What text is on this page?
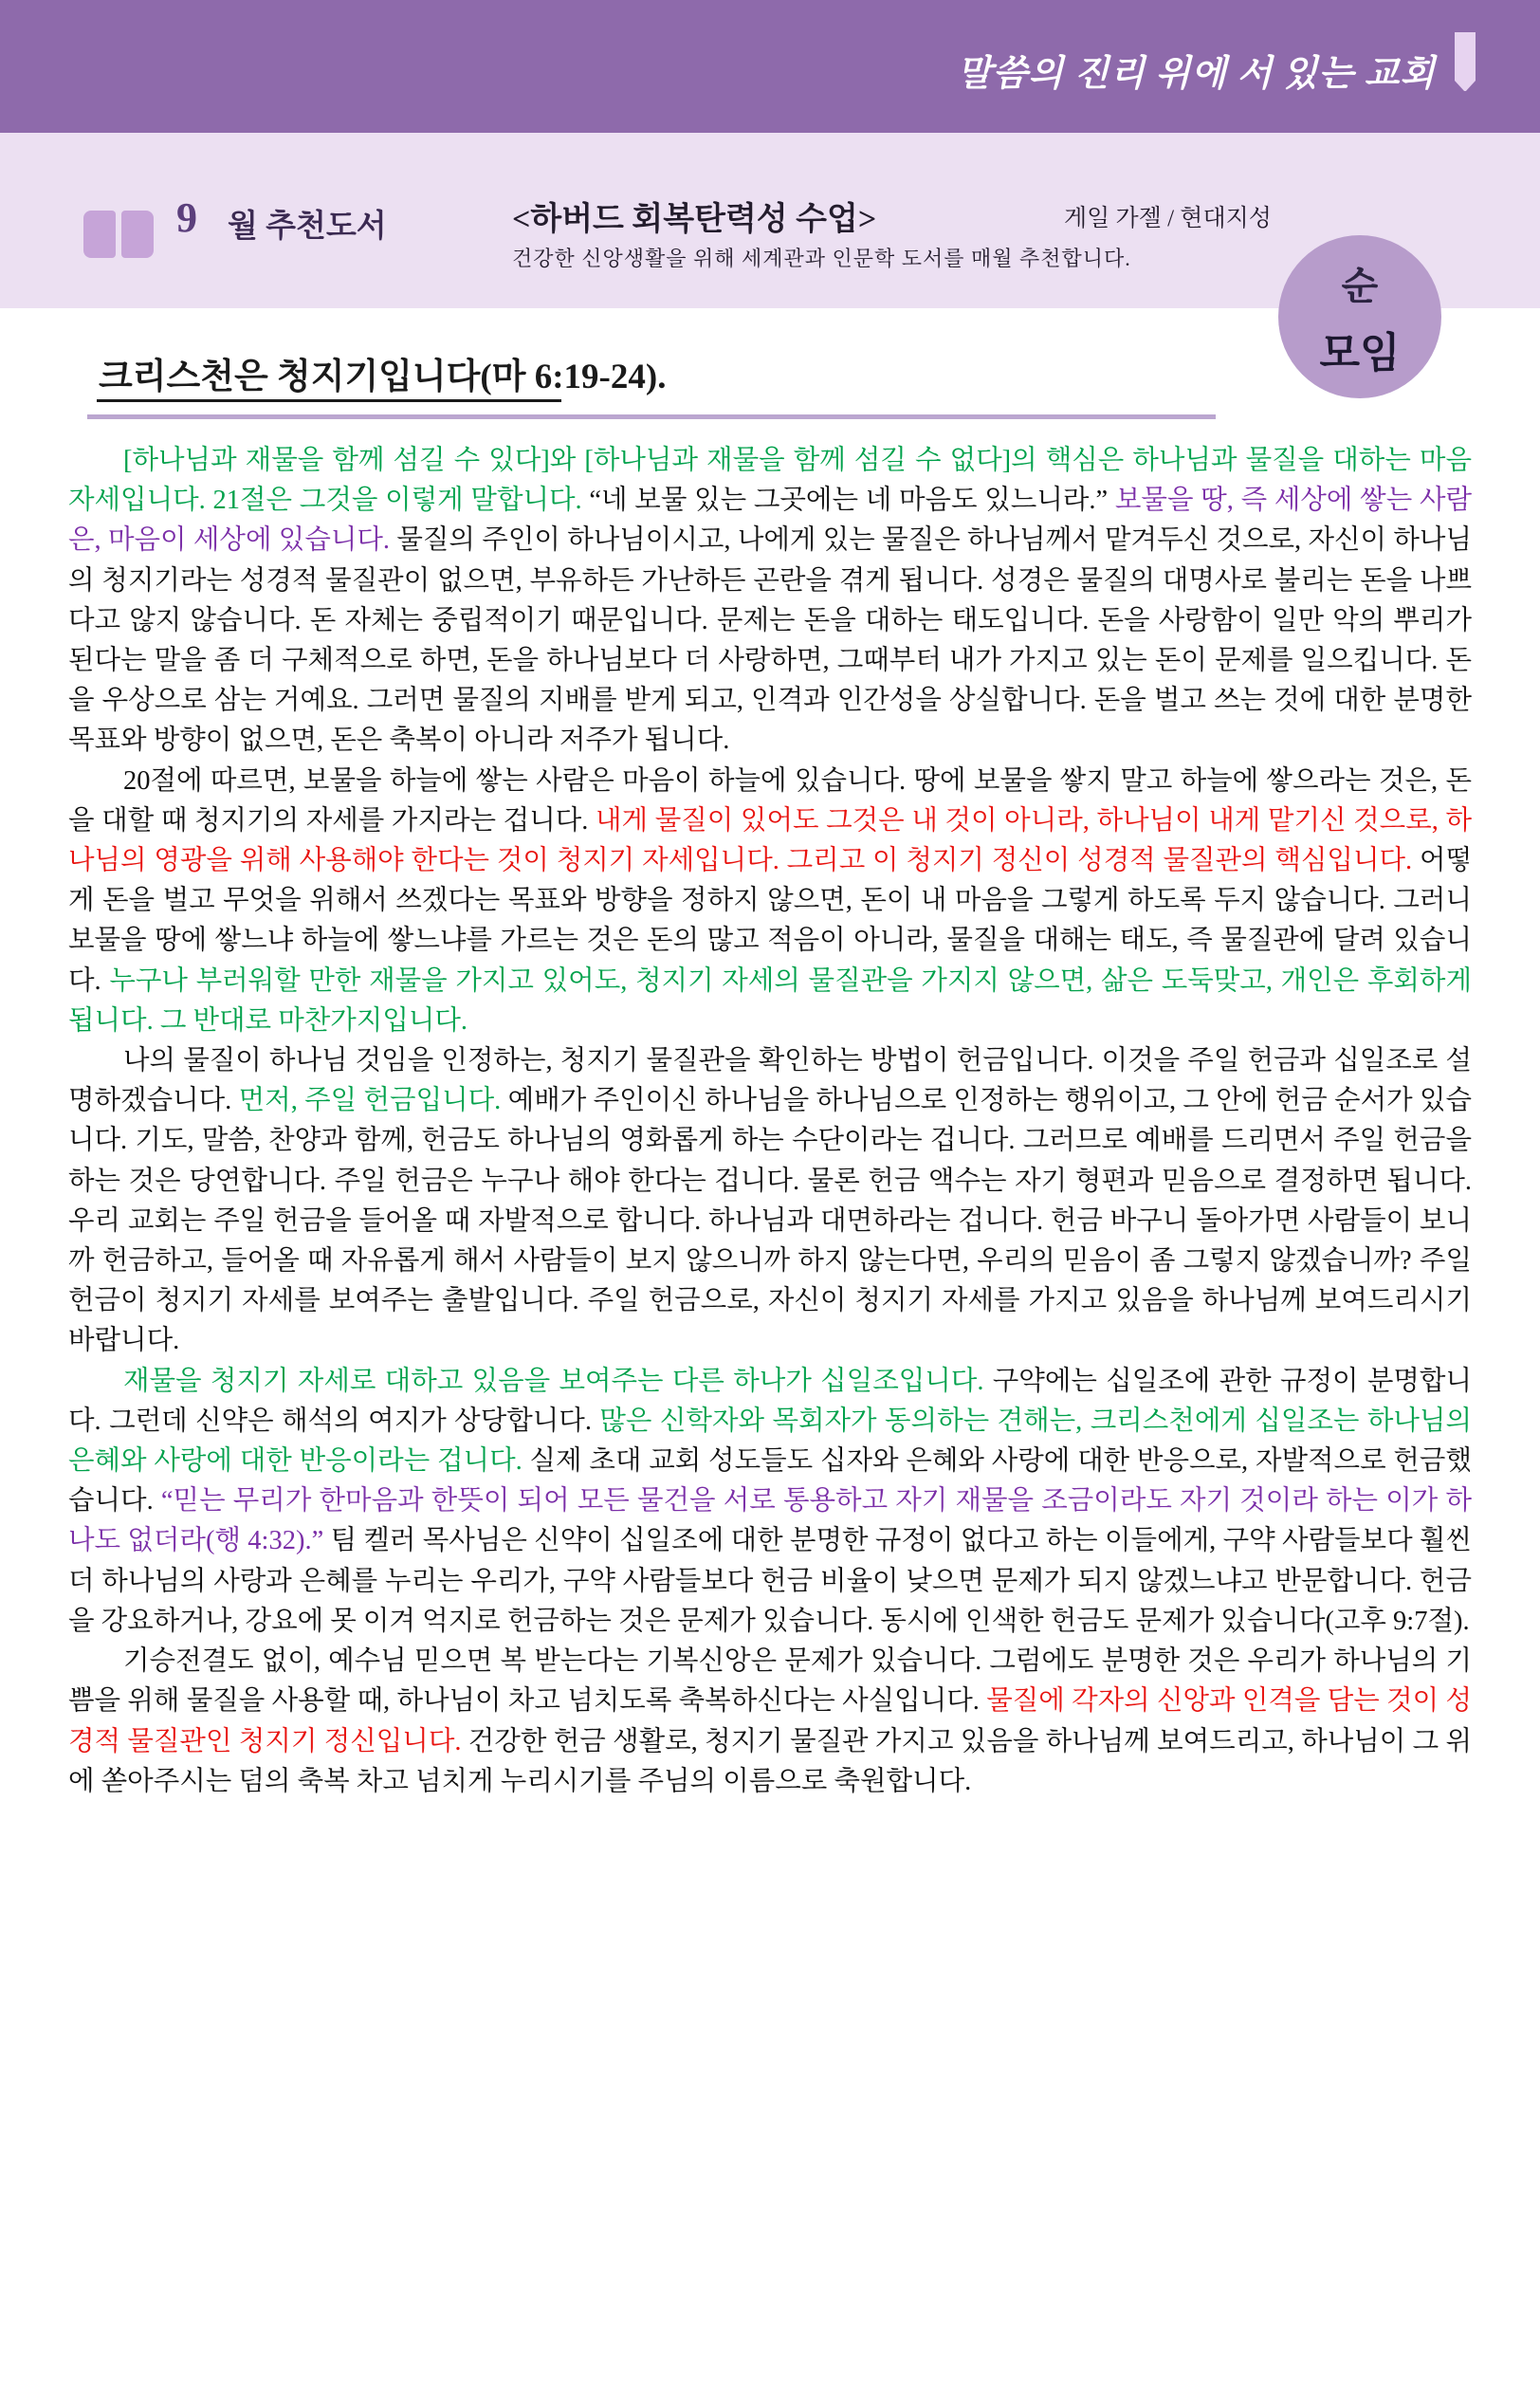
말씀의 진리 위에 서 있는 교회
9 월 추천도서	<하버드 회복탄력성 수업>	게일 가젤 / 현대지성
건강한 신앙생활을 위해 세계관과 인문학 도서를 매월 추천합니다.
순
모임
크리스천은 청지기입니다(마 6:19-24).

[하나님과 재물을 함께 섬길 수 있다]와 [하나님과 재물을 함께 섬길 수 없다]의 핵심은 하나님과 물질을 대하는 마음 자세입니다. 21절은 그것을 이렇게 말합니다. “네 보물 있는 그곳에는 네 마음도 있느니라.” 보물을 땅, 즉 세상에 쌓는 사람은, 마음이 세상에 있습니다. 물질의 주인이 하나님이시고, 나에게 있는 물질은 하나님께서 맡겨두신 것으로, 자신이 하나님의 청지기라는 성경적 물질관이 없으면, 부유하든 가난하든 곤란을 겪게 됩니다. 성경은 물질의 대명사로 불리는 돈을 나쁘다고 않지 않습니다. 돈 자체는 중립적이기 때문입니다. 문제는 돈을 대하는 태도입니다. 돈을 사랑함이 일만 악의 뿌리가 된다는 말을 좀 더 구체적으로 하면, 돈을 하나님보다 더 사랑하면, 그때부터 내가 가지고 있는 돈이 문제를 일으킵니다. 돈을 우상으로 삼는 거예요. 그러면 물질의 지배를 받게 되고, 인격과 인간성을 상실합니다. 돈을 벌고 쓰는 것에 대한 분명한 목표와 방향이 없으면, 돈은 축복이 아니라 저주가 됩니다.

20절에 따르면, 보물을 하늘에 쌓는 사람은 마음이 하늘에 있습니다. 땅에 보물을 쌓지 말고 하늘에 쌓으라는 것은, 돈을 대할 때 청지기의 자세를 가지라는 겁니다. 내게 물질이 있어도 그것은 내 것이 아니라, 하나님이 내게 맡기신 것으로, 하나님의 영광을 위해 사용해야 한다는 것이 청지기 자세입니다. 그리고 이 청지기 정신이 성경적 물질관의 핵심입니다. 어떻게 돈을 벌고 무엇을 위해서 쓰겠다는 목표와 방향을 정하지 않으면, 돈이 내 마음을 그렇게 하도록 두지 않습니다. 그러니 보물을 땅에 쌓느냐 하늘에 쌓느냐를 가르는 것은 돈의 많고 적음이 아니라, 물질을 대해는 태도, 즉 물질관에 달려 있습니다. 누구나 부러워할 만한 재물을 가지고 있어도, 청지기 자세의 물질관을 가지지 않으면, 삶은 도둑맞고, 개인은 후회하게 됩니다. 그 반대로 마찬가지입니다.

나의 물질이 하나님 것임을 인정하는, 청지기 물질관을 확인하는 방법이 헌금입니다. 이것을 주일 헌금과 십일조로 설명하겠습니다. 먼저, 주일 헌금입니다. 예배가 주인이신 하나님을 하나님으로 인정하는 행위이고, 그 안에 헌금 순서가 있습니다. 기도, 말씀, 찬양과 함께, 헌금도 하나님의 영화롭게 하는 수단이라는 겁니다. 그러므로 예배를 드리면서 주일 헌금을 하는 것은 당연합니다. 주일 헌금은 누구나 해야 한다는 겁니다. 물론 헌금 액수는 자기 형편과 믿음으로 결정하면 됩니다. 우리 교회는 주일 헌금을 들어올 때 자발적으로 합니다. 하나님과 대면하라는 겁니다. 헌금 바구니 돌아가면 사람들이 보니까 헌금하고, 들어올 때 자유롭게 해서 사람들이 보지 않으니까 하지 않는다면, 우리의 믿음이 좀 그렇지 않겠습니까? 주일 헌금이 청지기 자세를 보여주는 출발입니다. 주일 헌금으로, 자신이 청지기 자세를 가지고 있음을 하나님께 보여드리시기 바랍니다.

재물을 청지기 자세로 대하고 있음을 보여주는 다른 하나가 십일조입니다. 구약에는 십일조에 관한 규정이 분명합니다. 그런데 신약은 해석의 여지가 상당합니다. 많은 신학자와 목회자가 동의하는 견해는, 크리스천에게 십일조는 하나님의 은혜와 사랑에 대한 반응이라는 겁니다. 실제 초대 교회 성도들도 십자와 은혜와 사랑에 대한 반응으로, 자발적으로 헌금했습니다. “믿는 무리가 한마음과 한뜻이 되어 모든 물건을 서로 통용하고 자기 재물을 조금이라도 자기 것이라 하는 이가 하나도 없더라(행 4:32).” 팀 켈러 목사님은 신약이 십일조에 대한 분명한 규정이 없다고 하는 이들에게, 구약 사람들보다 훨씬 더 하나님의 사랑과 은혜를 누리는 우리가, 구약 사람들보다 헌금 비율이 낮으면 문제가 되지 않겠느냐고 반문합니다. 헌금을 강요하거나, 강요에 못 이겨 억지로 헌금하는 것은 문제가 있습니다. 동시에 인색한 헌금도 문제가 있습니다(고후 9:7절).

기승전결도 없이, 예수님 믿으면 복 받는다는 기복신앙은 문제가 있습니다. 그럼에도 분명한 것은 우리가 하나님의 기쁨을 위해 물질을 사용할 때, 하나님이 차고 넘치도록 축복하신다는 사실입니다. 물질에 각자의 신앙과 인격을 담는 것이 성경적 물질관인 청지기 정신입니다. 건강한 헌금 생활로, 청지기 물질관 가지고 있음을 하나님께 보여드리고, 하나님이 그 위에 쏟아주시는 덤의 축복 차고 넘치게 누리시기를 주님의 이름으로 축원합니다.
